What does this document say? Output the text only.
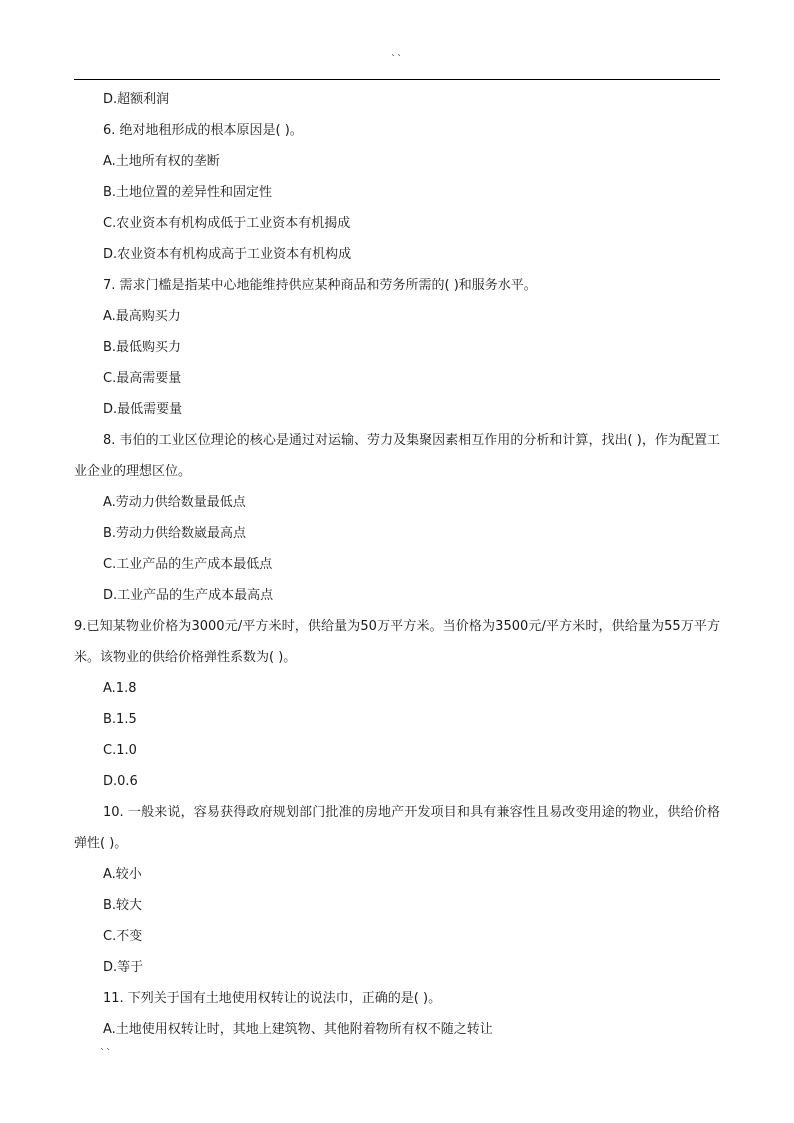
``
D.超额利润
6. 绝对地租形成的根本原因是( )。
A.土地所有权的垄断
B.土地位置的差异性和固定性
C.农业资本有机构成低于工业资本有机揭成
D.农业资本有机构成高于工业资本有机构成
7. 需求门槛是指某中心地能维持供应某种商品和劳务所需的( )和服务水平。
A.最高购买力
B.最低购买力
C.最高需要量
D.最低需要量
8. 韦伯的工业区位理论的核心是通过对运输、劳力及集聚因素相互作用的分析和计算，找出( )，作为配置工业企业的理想区位。
A.劳动力供给数量最低点
B.劳动力供给数崴最高点
C.工业产品的生产成本最低点
D.工业产品的生产成本最高点
9.已知某物业价格为3000元/平方米时，供给量为50万平方米。当价格为3500元/平方米时，供给量为55万平方米。该物业的供给价格弹性系数为( )。
A.1.8
B.1.5
C.1.0
D.0.6
10. 一般来说，容易获得政府规划部门批准的房地产开发项目和具有兼容性且易改变用途的物业，供给价格弹性( )。
A.较小
B.较大
C.不变
D.等于
11. 下列关于国有土地使用权转让的说法巾，正确的是( )。
A.土地使用权转让时，其地上建筑物、其他附着物所有权不随之转让
``
